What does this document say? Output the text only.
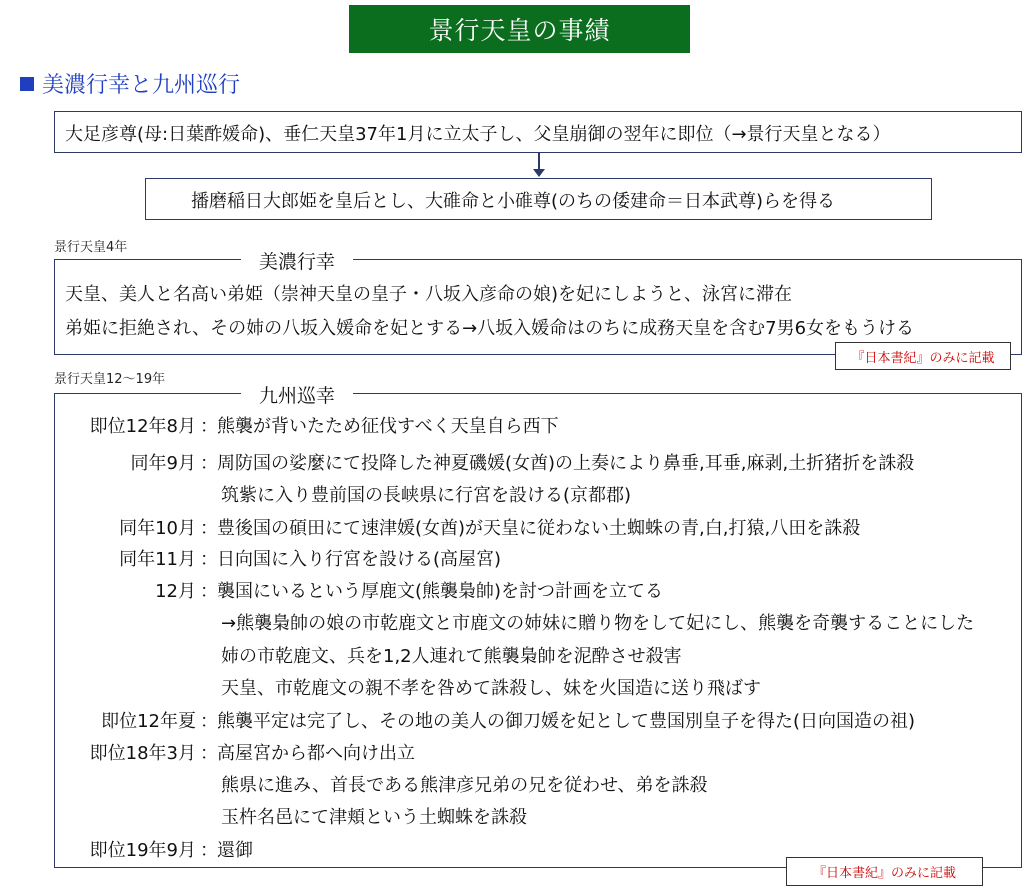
景行天皇の事績
美濃行幸と九州巡行
大足彦尊(母:日葉酢媛命)、垂仁天皇37年1月に立太子し、父皇崩御の翌年に即位（→景行天皇となる）
播磨稲日大郎姫を皇后とし、大碓命と小碓尊(のちの倭建命＝日本武尊)らを得る
景行天皇4年
美濃行幸
天皇、美人と名高い弟姫（崇神天皇の皇子・八坂入彦命の娘)を妃にしようと、泳宮に滞在
弟姫に拒絶され、その姉の八坂入媛命を妃とする→八坂入媛命はのちに成務天皇を含む7男6女をもうける
『日本書紀』のみに記載
景行天皇12～19年
九州巡幸
即位12年8月 ： 熊襲が背いたため征伐すべく天皇自ら西下
同年9月 ： 周防国の娑麼にて投降した神夏磯媛(女酋)の上奏により鼻垂,耳垂,麻剥,土折猪折を誅殺
筑紫に入り豊前国の長峡県に行宮を設ける(京都郡)
同年10月 ： 豊後国の碩田にて速津媛(女酋)が天皇に従わない土蜘蛛の青,白,打猿,八田を誅殺
同年11月 ： 日向国に入り行宮を設ける(高屋宮)
12月 ： 襲国にいるという厚鹿文(熊襲梟帥)を討つ計画を立てる
→熊襲梟帥の娘の市乾鹿文と市鹿文の姉妹に贈り物をして妃にし、熊襲を奇襲することにした
姉の市乾鹿文、兵を1,2人連れて熊襲梟帥を泥酔させ殺害
天皇、市乾鹿文の親不孝を咎めて誅殺し、妹を火国造に送り飛ばす
即位12年夏 ： 熊襲平定は完了し、その地の美人の御刀媛を妃として豊国別皇子を得た(日向国造の祖)
即位18年3月 ： 高屋宮から都へ向け出立
熊県に進み、首長である熊津彦兄弟の兄を従わせ、弟を誅殺
玉杵名邑にて津頬という土蜘蛛を誅殺
即位19年9月 ： 還御
『日本書紀』のみに記載
